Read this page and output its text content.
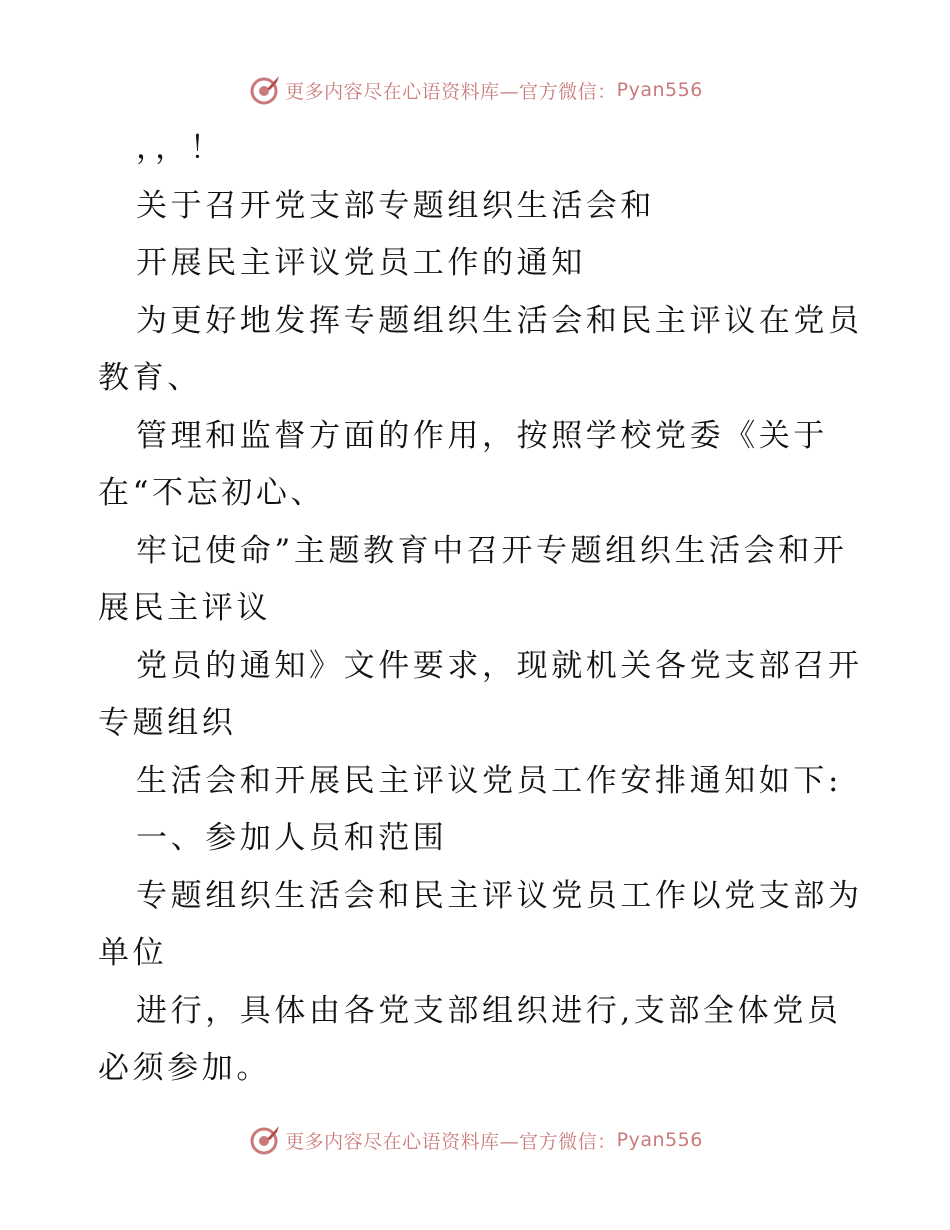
更多内容尽在心语资料库—官方微信： Pyan556
，，！
关于召开党支部专题组织生活会和
开展民主评议党员工作的通知
为更好地发挥专题组织生活会和民主评议在党员
教育、
管理和监督方面的作用，按照学校党委《关于
在“不忘初心、
牢记使命”主题教育中召开专题组织生活会和开
展民主评议
党员的通知》文件要求，现就机关各党支部召开
专题组织
生活会和开展民主评议党员工作安排通知如下:
一、参加人员和范围
专题组织生活会和民主评议党员工作以党支部为
单位
进行，具体由各党支部组织进行,支部全体党员
必须参加。
更多内容尽在心语资料库—官方微信： Pyan556
